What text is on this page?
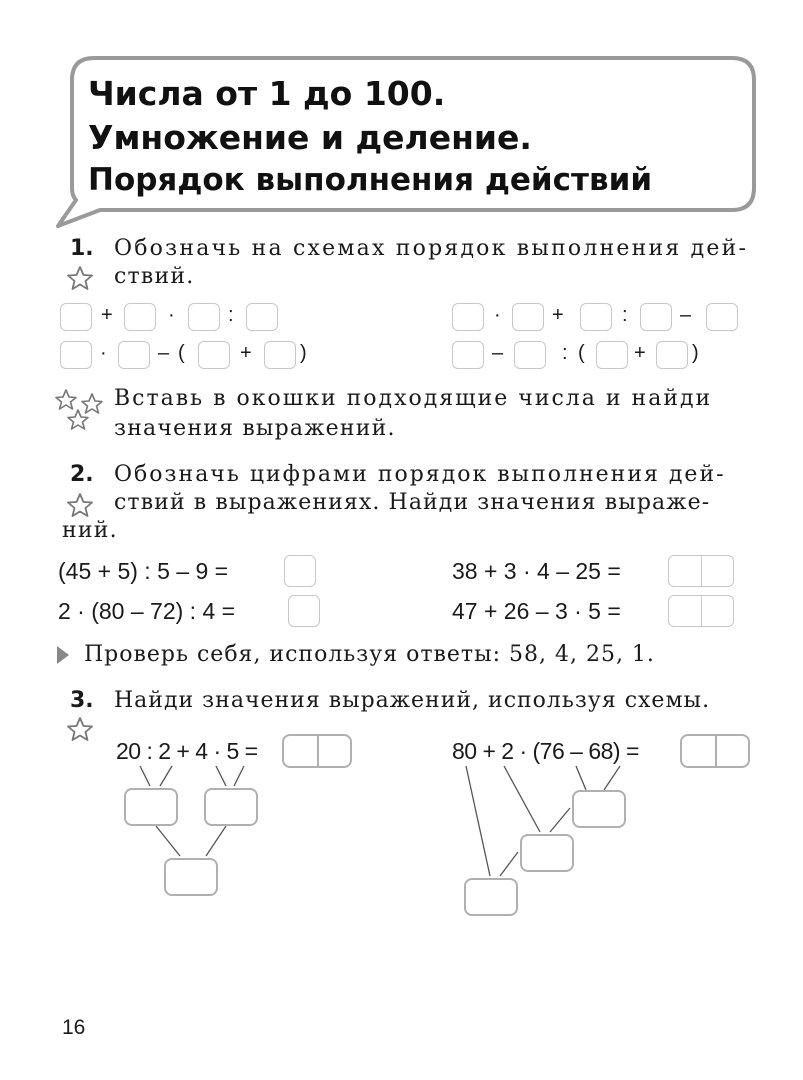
Числа от 1 до 100.
Умножение и деление.
Порядок выполнения действий
1. Обозначь на схемах порядок выполнения дей-
ствий.
+	·	:
·	– (	+ )
·	+	:	–
–	: ( + )
Вставь в окошки подходящие числа и найди
значения выражений.
2. Обозначь цифрами порядок выполнения дей-
ствий в выражениях. Найди значения выраже-
ний.
(45 + 5) : 5 – 9 =
2 · (80 – 72) : 4 =
38 + 3 · 4 – 25 =
47 + 26 – 3 · 5 =
Проверь себя, используя ответы: 58, 4, 25, 1.
3. Найди значения выражений, используя схемы.
20 : 2 + 4 · 5 =	80 + 2 · (76 – 68) =
16
